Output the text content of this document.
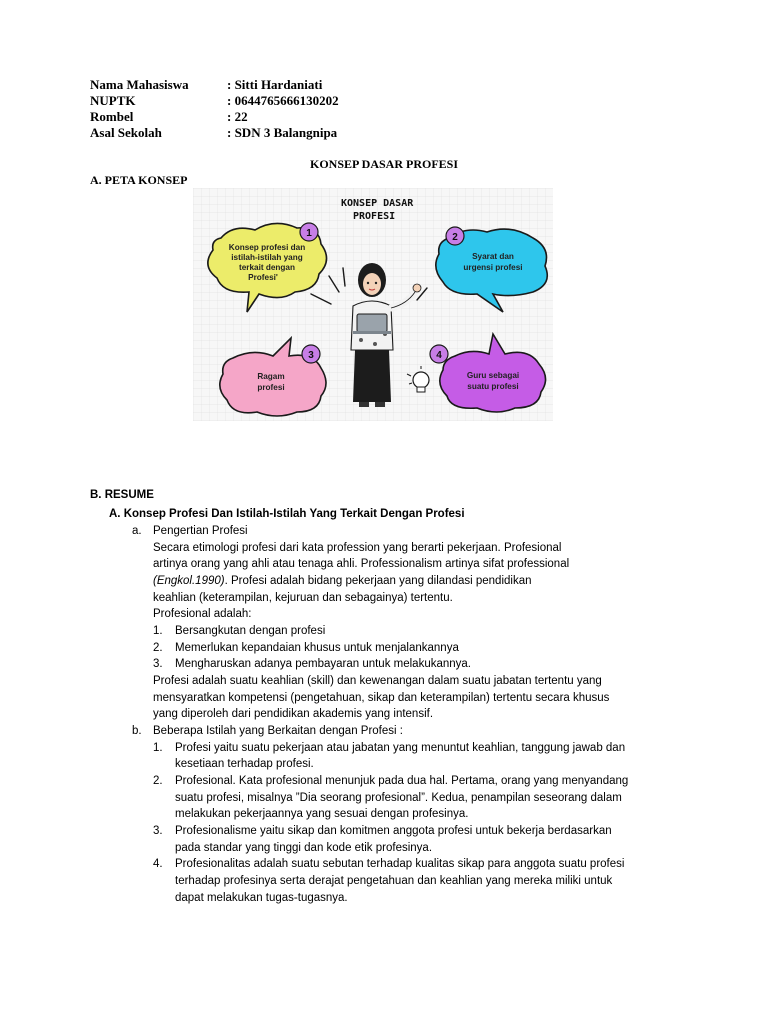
Nama Mahasiswa	: Sitti Hardaniati
NUPTK	: 0644765666130202
Rombel	: 22
Asal Sekolah	: SDN 3 Balangnipa
KONSEP DASAR PROFESI
A. PETA KONSEP
KONSEP DASAR
PROFESI
1
Konsep profesi dan
istilah-istilah yang
terkait dengan
Profesi'
2
Syarat dan
urgensi profesi
3
Ragam
profesi
4
Guru sebagai
suatu profesi
B. RESUME
A. Konsep Profesi Dan Istilah-Istilah Yang Terkait Dengan Profesi
a. Pengertian Profesi
Secara etimologi profesi dari kata profession yang berarti pekerjaan. Profesional
artinya orang yang ahli atau tenaga ahli. Professionalism artinya sifat professional
(Engkol.1990). Profesi adalah bidang pekerjaan yang dilandasi pendidikan
keahlian (keterampilan, kejuruan dan sebagainya) tertentu.
Profesional adalah:
1. Bersangkutan dengan profesi
2. Memerlukan kepandaian khusus untuk menjalankannya
3. Mengharuskan adanya pembayaran untuk melakukannya.
Profesi adalah suatu keahlian (skill) dan kewenangan dalam suatu jabatan tertentu yang
mensyaratkan kompetensi (pengetahuan, sikap dan keterampilan) tertentu secara khusus
yang diperoleh dari pendidikan akademis yang intensif.
b. Beberapa Istilah yang Berkaitan dengan Profesi :
1. Profesi yaitu suatu pekerjaan atau jabatan yang menuntut keahlian, tanggung jawab dan
kesetiaan terhadap profesi.
2. Profesional. Kata profesional menunjuk pada dua hal. Pertama, orang yang menyandang
suatu profesi, misalnya ”Dia seorang profesional”. Kedua, penampilan seseorang dalam
melakukan pekerjaannya yang sesuai dengan profesinya.
3. Profesionalisme yaitu sikap dan komitmen anggota profesi untuk bekerja berdasarkan
pada standar yang tinggi dan kode etik profesinya.
4. Profesionalitas adalah suatu sebutan terhadap kualitas sikap para anggota suatu profesi
terhadap profesinya serta derajat pengetahuan dan keahlian yang mereka miliki untuk
dapat melakukan tugas-tugasnya.
